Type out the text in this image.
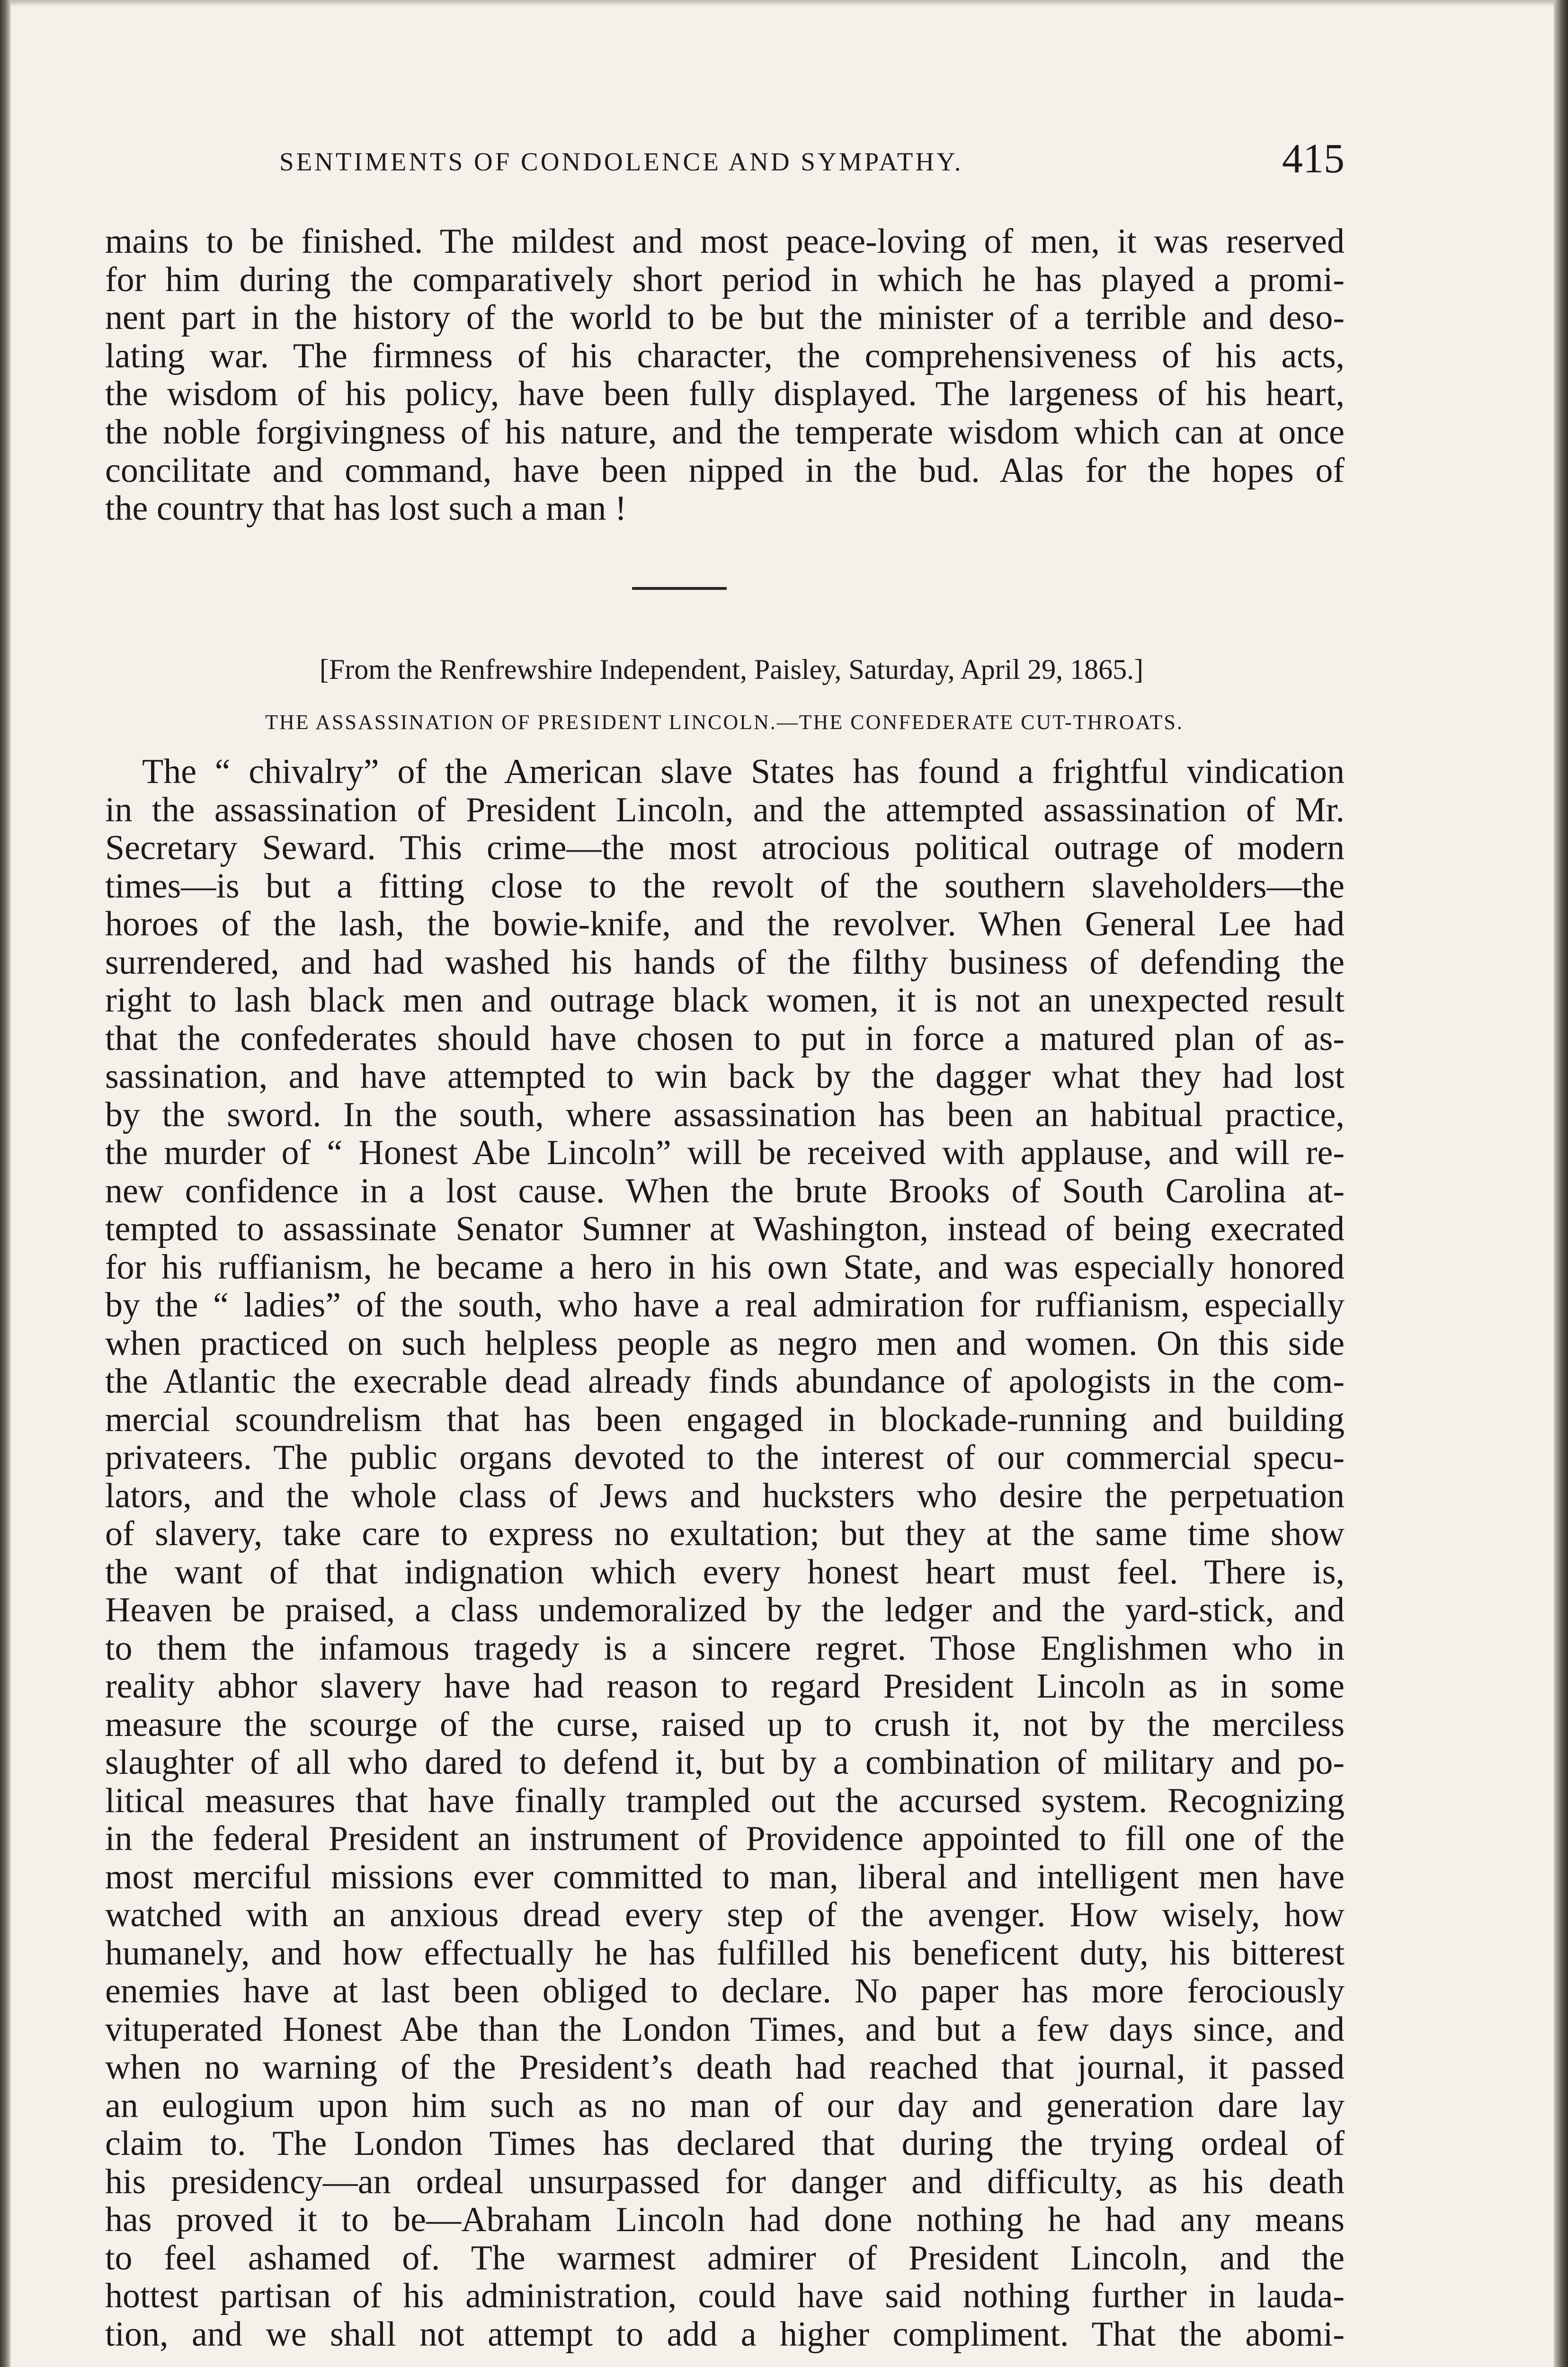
SENTIMENTS OF CONDOLENCE AND SYMPATHY.	415
mains to be finished. The mildest and most peace-loving of men, it was reserved
for him during the comparatively short period in which he has played a promi-
nent part in the history of the world to be but the minister of a terrible and deso-
lating war. The firmness of his character, the comprehensiveness of his acts,
the wisdom of his policy, have been fully displayed. The largeness of his heart,
the noble forgivingness of his nature, and the temperate wisdom which can at once
concilitate and command, have been nipped in the bud. Alas for the hopes of
the country that has lost such a man !
[From the Renfrewshire Independent, Paisley, Saturday, April 29, 1865.]
THE ASSASSINATION OF PRESIDENT LINCOLN.—THE CONFEDERATE CUT-THROATS.
The “ chivalry” of the American slave States has found a frightful vindication
in the assassination of President Lincoln, and the attempted assassination of Mr.
Secretary Seward. This crime—the most atrocious political outrage of modern
times—is but a fitting close to the revolt of the southern slaveholders—the
horoes of the lash, the bowie-knife, and the revolver. When General Lee had
surrendered, and had washed his hands of the filthy business of defending the
right to lash black men and outrage black women, it is not an unexpected result
that the confederates should have chosen to put in force a matured plan of as-
sassination, and have attempted to win back by the dagger what they had lost
by the sword. In the south, where assassination has been an habitual practice,
the murder of “ Honest Abe Lincoln” will be received with applause, and will re-
new confidence in a lost cause. When the brute Brooks of South Carolina at-
tempted to assassinate Senator Sumner at Washington, instead of being execrated
for his ruffianism, he became a hero in his own State, and was especially honored
by the “ ladies” of the south, who have a real admiration for ruffianism, especially
when practiced on such helpless people as negro men and women. On this side
the Atlantic the execrable dead already finds abundance of apologists in the com-
mercial scoundrelism that has been engaged in blockade-running and building
privateers. The public organs devoted to the interest of our commercial specu-
lators, and the whole class of Jews and hucksters who desire the perpetuation
of slavery, take care to express no exultation; but they at the same time show
the want of that indignation which every honest heart must feel. There is,
Heaven be praised, a class undemoralized by the ledger and the yard-stick, and
to them the infamous tragedy is a sincere regret. Those Englishmen who in
reality abhor slavery have had reason to regard President Lincoln as in some
measure the scourge of the curse, raised up to crush it, not by the merciless
slaughter of all who dared to defend it, but by a combination of military and po-
litical measures that have finally trampled out the accursed system. Recognizing
in the federal President an instrument of Providence appointed to fill one of the
most merciful missions ever committed to man, liberal and intelligent men have
watched with an anxious dread every step of the avenger. How wisely, how
humanely, and how effectually he has fulfilled his beneficent duty, his bitterest
enemies have at last been obliged to declare. No paper has more ferociously
vituperated Honest Abe than the London Times, and but a few days since, and
when no warning of the President’s death had reached that journal, it passed
an eulogium upon him such as no man of our day and generation dare lay
claim to. The London Times has declared that during the trying ordeal of
his presidency—an ordeal unsurpassed for danger and difficulty, as his death
has proved it to be—Abraham Lincoln had done nothing he had any means
to feel ashamed of. The warmest admirer of President Lincoln, and the
hottest partisan of his administration, could have said nothing further in lauda-
tion, and we shall not attempt to add a higher compliment. That the abomi-
